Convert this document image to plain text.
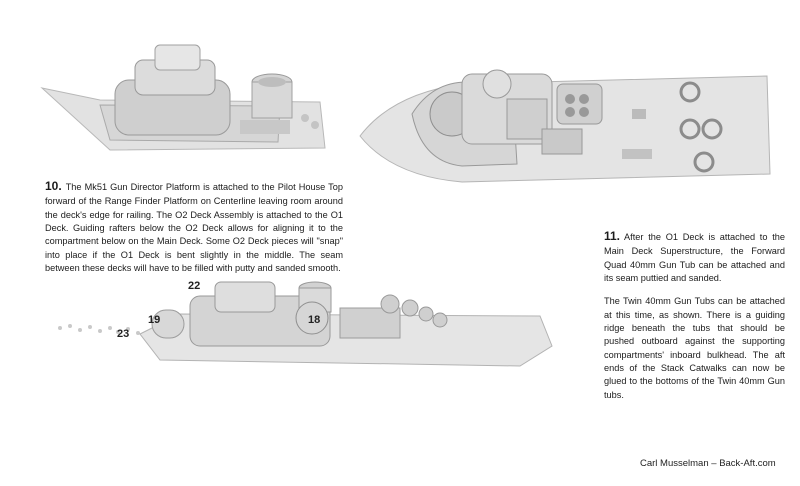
22
19	18
23
10. The Mk51 Gun Director Platform is attached to the Pilot House Top forward of the Range Finder Platform on Centerline leaving room around the deck's edge for railing. The O2 Deck Assembly is attached to the O1 Deck. Guiding rafters below the O2 Deck allows for aligning it to the compartment below on the Main Deck. Some O2 Deck pieces will "snap" into place if the O1 Deck is bent slightly in the middle. The seam between these decks will have to be filled with putty and sanded smooth.

11. After the O1 Deck is attached to the Main Deck Superstructure, the Forward Quad 40mm Gun Tub can be attached and its seam puttied and sanded.

The Twin 40mm Gun Tubs can be attached at this time, as shown. There is a guiding ridge beneath the tubs that should be pushed outboard against the supporting compartments' inboard bulkhead. The aft ends of the Stack Catwalks can now be glued to the bottoms of the Twin 40mm Gun tubs.

Carl Musselman – Back-Aft.com
